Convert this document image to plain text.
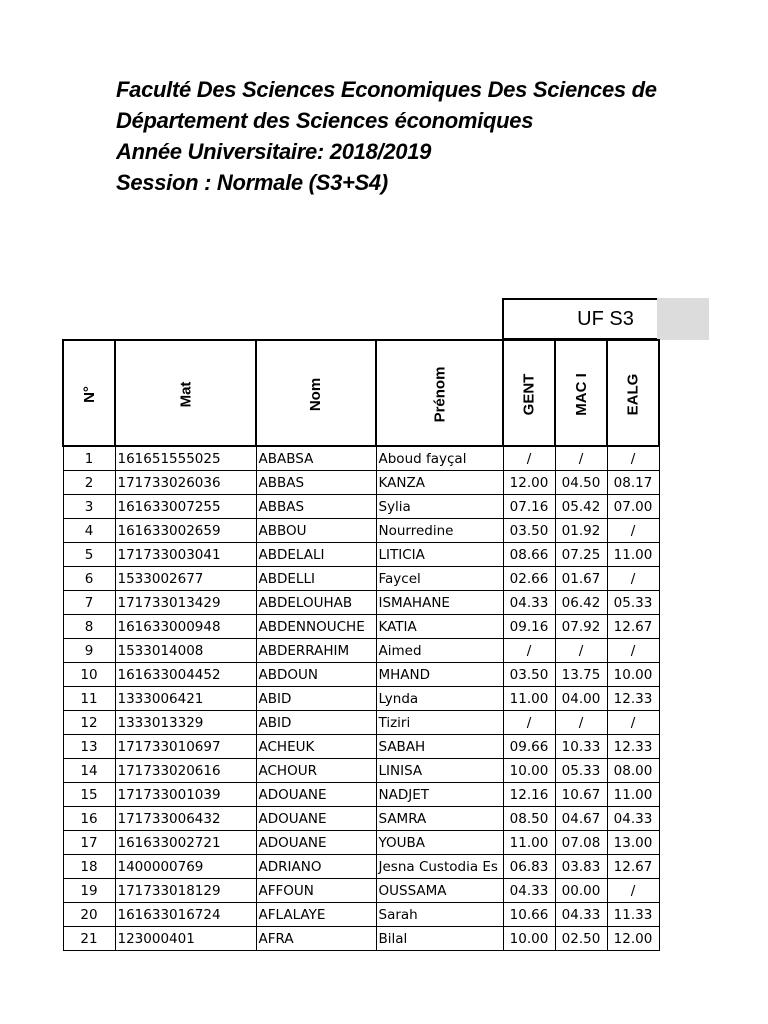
Faculté Des Sciences Economiques Des Sciences de
Département des Sciences économiques
Année Universitaire: 2018/2019
Session : Normale (S3+S4)
UF S3
N°	Mat	Nom	Prénom	GENT	MAC I	EALG
1	161651555025	ABABSA	Aboud fayçal	/	/	/
2	171733026036	ABBAS	KANZA	12.00	04.50	08.17
3	161633007255	ABBAS	Sylia	07.16	05.42	07.00
4	161633002659	ABBOU	Nourredine	03.50	01.92	/
5	171733003041	ABDELALI	LITICIA	08.66	07.25	11.00
6	1533002677	ABDELLI	Faycel	02.66	01.67	/
7	171733013429	ABDELOUHAB	ISMAHANE	04.33	06.42	05.33
8	161633000948	ABDENNOUCHE	KATIA	09.16	07.92	12.67
9	1533014008	ABDERRAHIM	Aimed	/	/	/
10	161633004452	ABDOUN	MHAND	03.50	13.75	10.00
11	1333006421	ABID	Lynda	11.00	04.00	12.33
12	1333013329	ABID	Tiziri	/	/	/
13	171733010697	ACHEUK	SABAH	09.66	10.33	12.33
14	171733020616	ACHOUR	LINISA	10.00	05.33	08.00
15	171733001039	ADOUANE	NADJET	12.16	10.67	11.00
16	171733006432	ADOUANE	SAMRA	08.50	04.67	04.33
17	161633002721	ADOUANE	YOUBA	11.00	07.08	13.00
18	1400000769	ADRIANO	Jesna Custodia Es	06.83	03.83	12.67
19	171733018129	AFFOUN	OUSSAMA	04.33	00.00	/
20	161633016724	AFLALAYE	Sarah	10.66	04.33	11.33
21	123000401	AFRA	Bilal	10.00	02.50	12.00
